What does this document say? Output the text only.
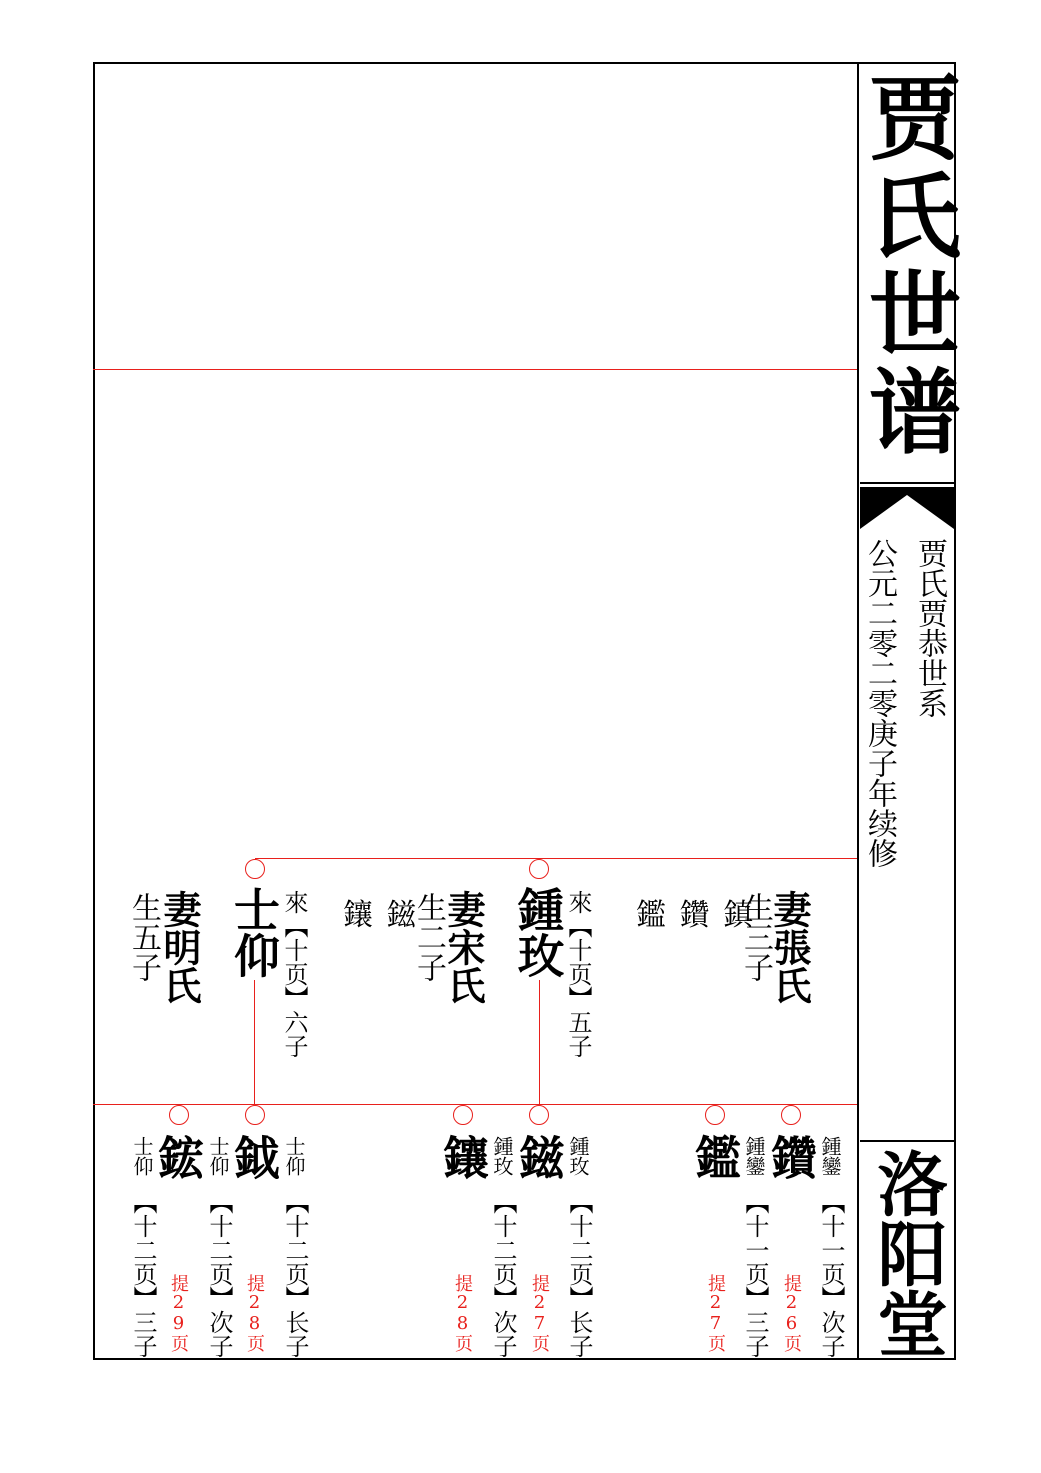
贾氏世谱
贾氏贾恭世系
公元二零二零庚子年续修
洛阳堂
士仰 來【十页】六子
妻明氏
生五子	鍾玫 來【十页】五子
妻宋氏
生二子
鑲 鎡	妻張氏
生三子
鑑 鑽 鎮
鋐
士仰
【十二页】三子 提29页
鉞
士仰
【十二页】次子 提28页
士仰
【十二页】长子
鑲 鍾玫
【十二页】次子
提28页
鎡
提27页
鍾玫
【十二页】长子
鑑 鍾鑾
【十一页】三子
提27页
鑽
提26页
鍾鑾
【十一页】次子
